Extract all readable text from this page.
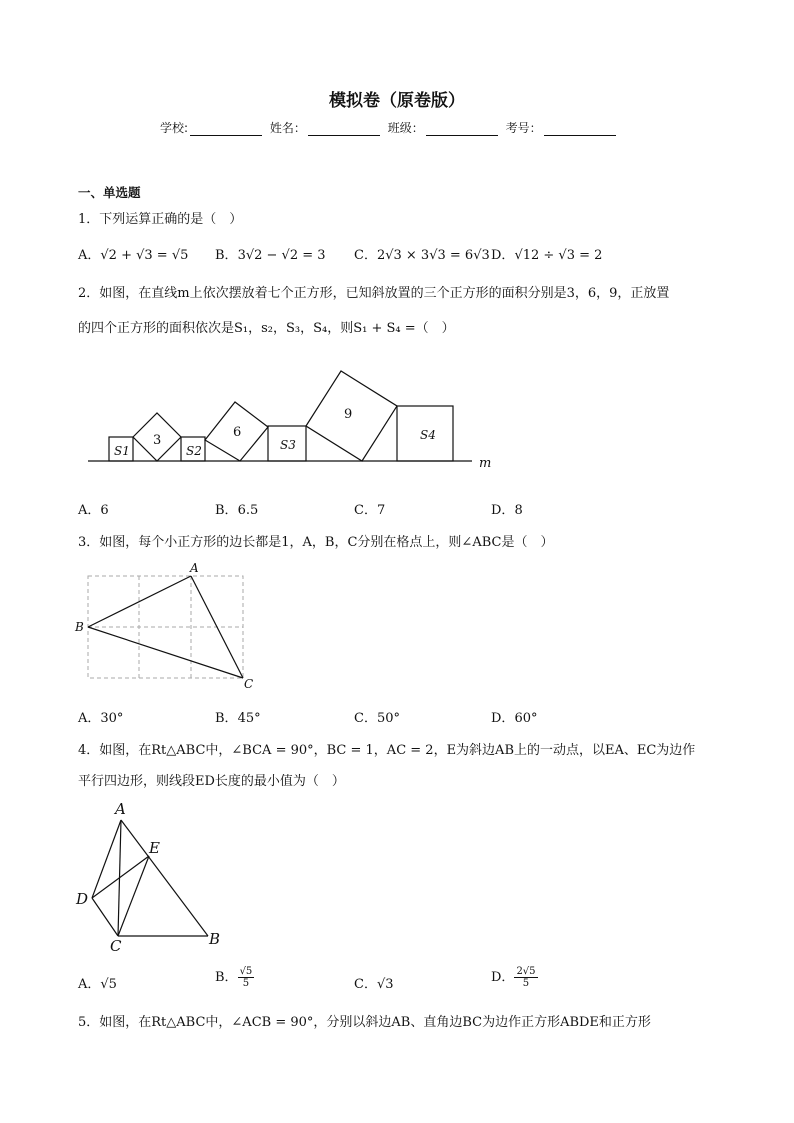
模拟卷（原卷版）
学校:	姓名：	班级：	考号：
一、单选题
1．下列运算正确的是（　）
A．√2 + √3 = √5 B．3√2 − √2 = 3 C．2√3 × 3√3 = 6√3 D．√12 ÷ √3 = 2
2．如图，在直线m上依次摆放着七个正方形，已知斜放置的三个正方形的面积分别是3，6，9，正放置
的四个正方形的面积依次是S₁，s₂，S₃，S₄，则S₁ + S₄ =（　）
S1
3
S2
6
S3
9
S4
m
A．6	B．6.5	C．7	D．8
3．如图，每个小正方形的边长都是1，A，B，C分别在格点上，则∠ABC是（　）
A
B
C
A．30°	B．45°	C．50°	D．60°
4．如图，在Rt△ABC中，∠BCA = 90°，BC = 1，AC = 2，E为斜边AB上的一动点，以EA、EC为边作
平行四边形，则线段ED长度的最小值为（　）
A
E
D
C	B
A．√5	B． $\frac{√5}{5}$	C．√3	D． $\frac{2√5}{5}$
5．如图，在Rt△ABC中，∠ACB = 90°，分别以斜边AB、直角边BC为边作正方形ABDE和正方形
